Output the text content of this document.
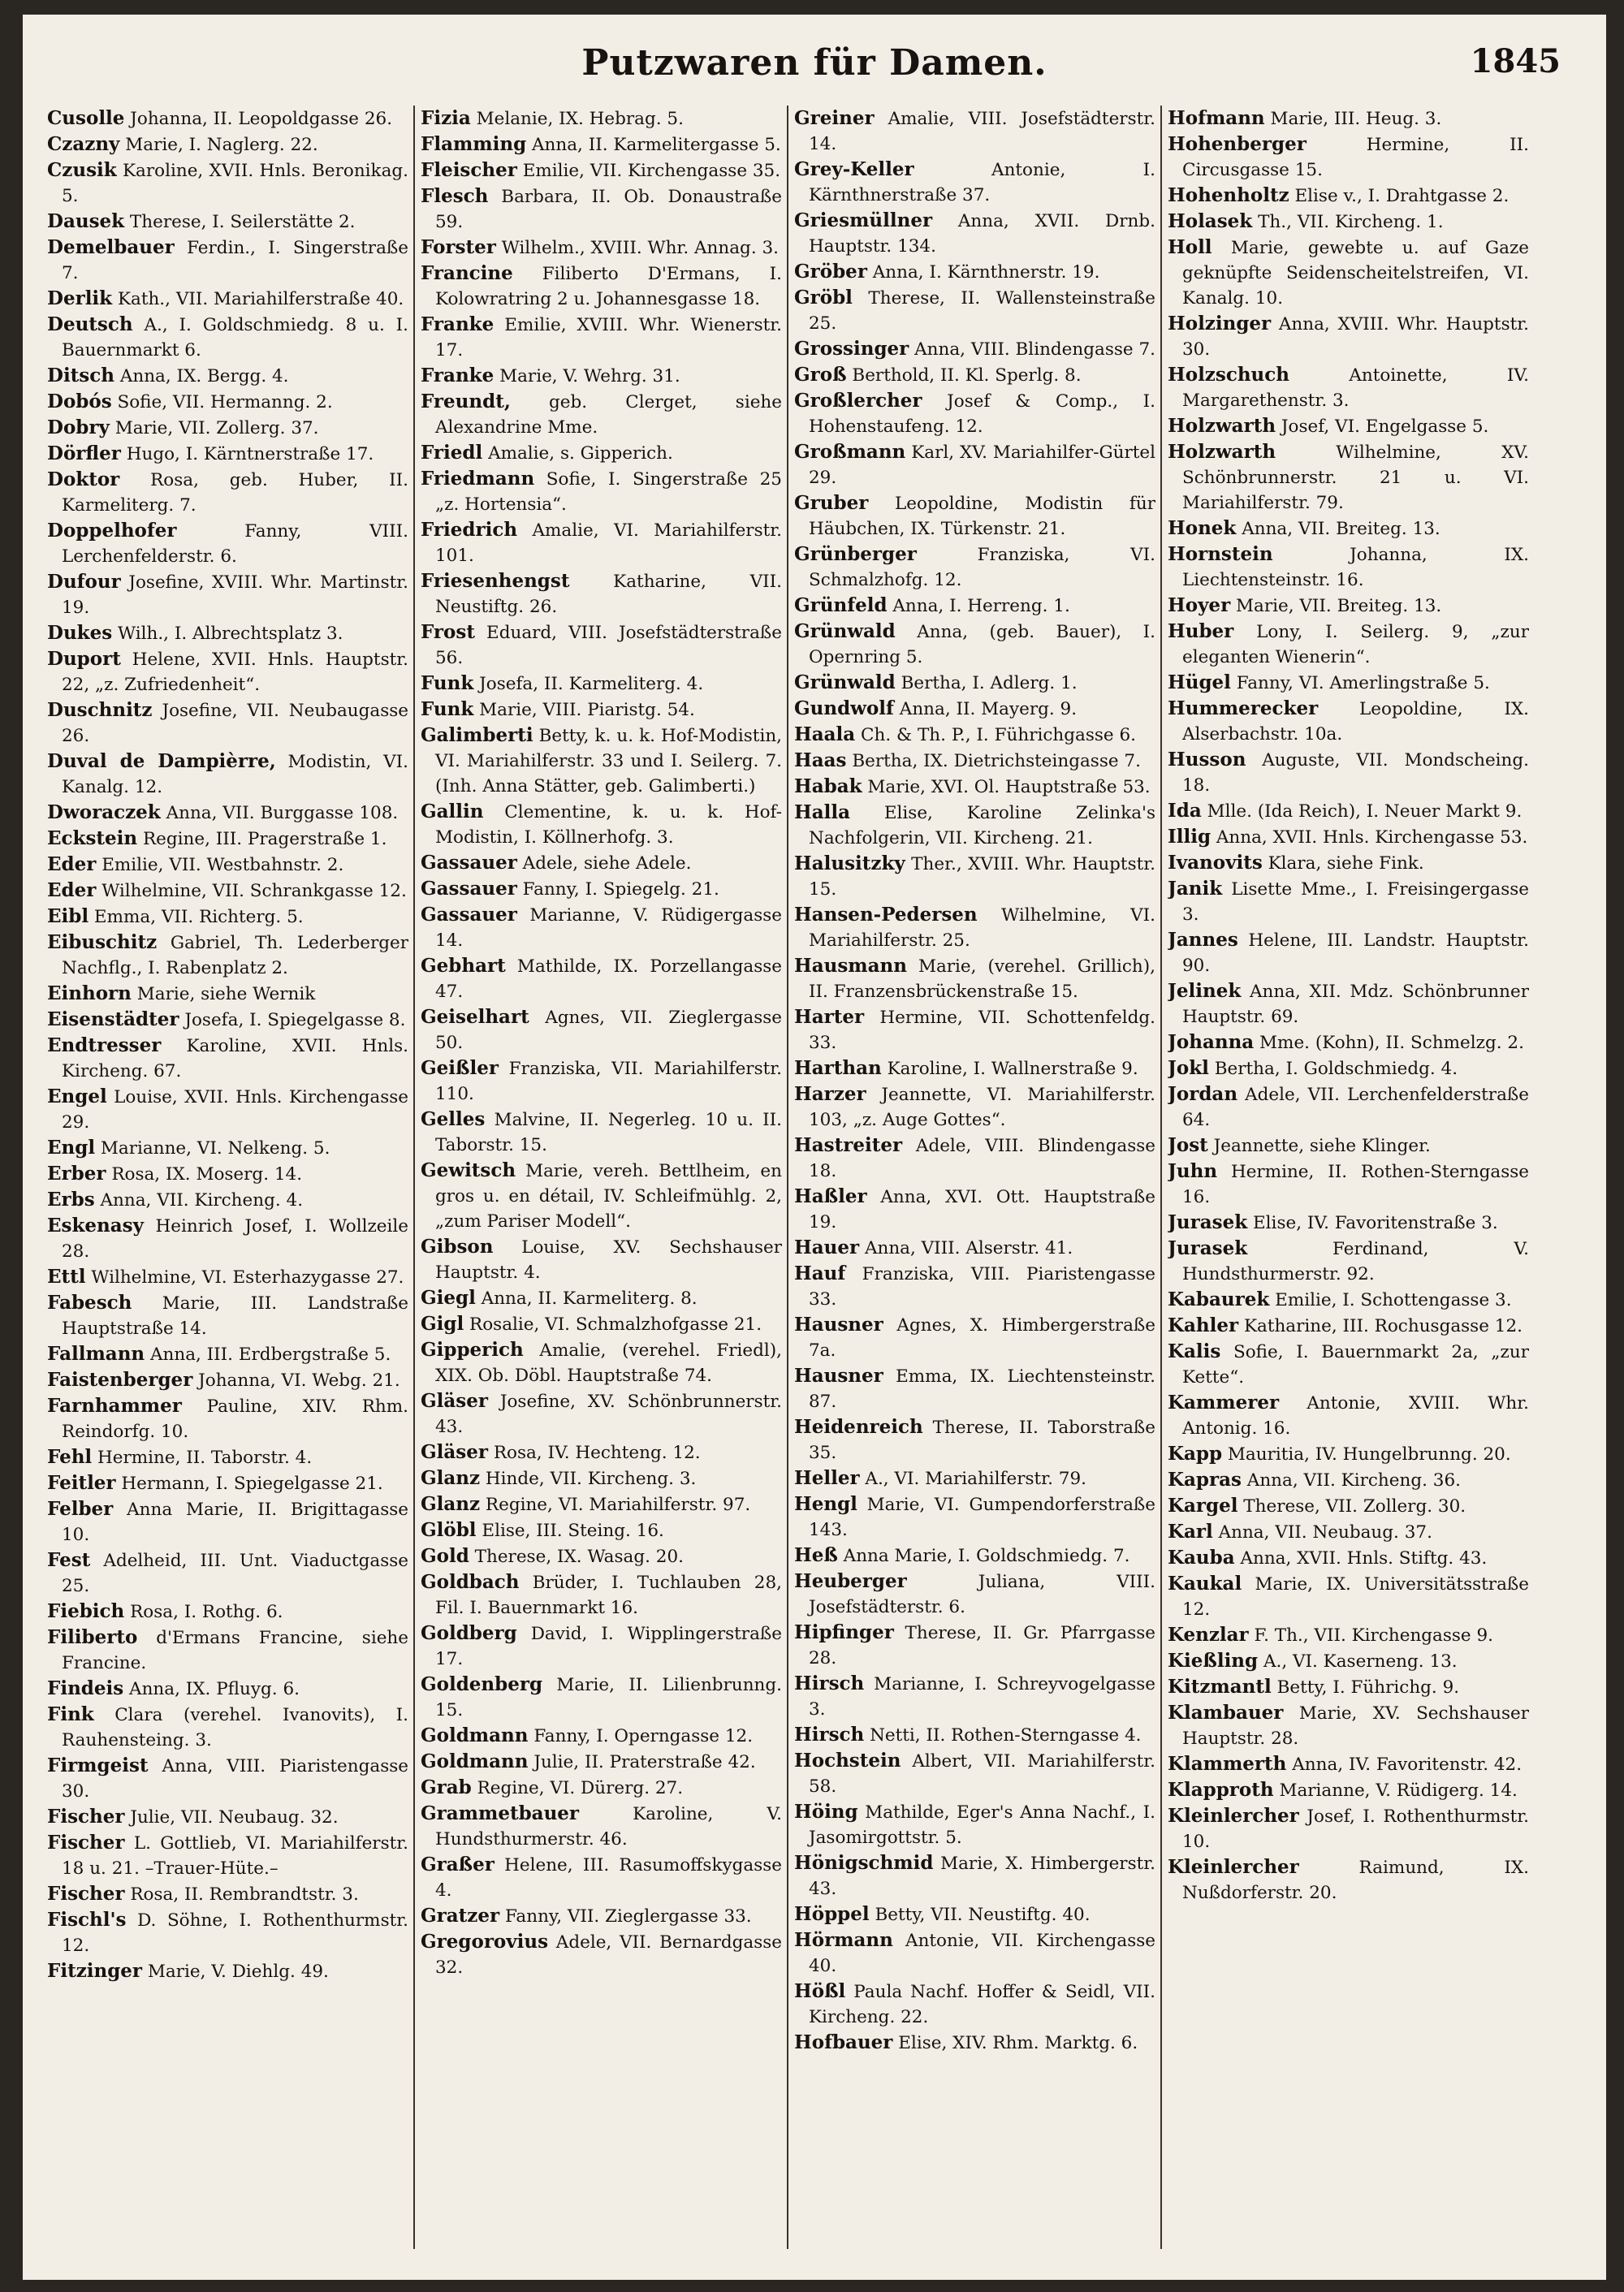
Putzwaren für Damen.	1845

Cusolle Johanna, II. Leopoldgasse 26.

Czazny Marie, I. Naglerg. 22.

Czusik Karoline, XVII. Hnls. Beronikag. 5.

Dausek Therese, I. Seilerstätte 2.

Demelbauer Ferdin., I. Singerstraße 7.

Derlik Kath., VII. Mariahilferstraße 40.

Deutsch A., I. Goldschmiedg. 8 u. I. Bauernmarkt 6.

Ditsch Anna, IX. Bergg. 4.

Dobós Sofie, VII. Hermanng. 2.

Dobry Marie, VII. Zollerg. 37.

Dörfler Hugo, I. Kärntnerstraße 17.

Doktor Rosa, geb. Huber, II. Karmeliterg. 7.

Doppelhofer Fanny, VIII. Lerchenfelderstr. 6.

Dufour Josefine, XVIII. Whr. Martinstr. 19.

Dukes Wilh., I. Albrechtsplatz 3.

Duport Helene, XVII. Hnls. Hauptstr. 22, „z. Zufriedenheit“.

Duschnitz Josefine, VII. Neubaugasse 26.

Duval de Dampièrre, Modistin, VI. Kanalg. 12.

Dworaczek Anna, VII. Burggasse 108.

Eckstein Regine, III. Pragerstraße 1.

Eder Emilie, VII. Westbahnstr. 2.

Eder Wilhelmine, VII. Schrankgasse 12.

Eibl Emma, VII. Richterg. 5.

Eibuschitz Gabriel, Th. Lederberger Nachflg., I. Rabenplatz 2.

Einhorn Marie, siehe Wernik

Eisenstädter Josefa, I. Spiegelgasse 8.

Endtresser Karoline, XVII. Hnls. Kircheng. 67.

Engel Louise, XVII. Hnls. Kirchengasse 29.

Engl Marianne, VI. Nelkeng. 5.

Erber Rosa, IX. Moserg. 14.

Erbs Anna, VII. Kircheng. 4.

Eskenasy Heinrich Josef, I. Wollzeile 28.

Ettl Wilhelmine, VI. Esterhazygasse 27.

Fabesch Marie, III. Landstraße Hauptstraße 14.

Fallmann Anna, III. Erdbergstraße 5.

Faistenberger Johanna, VI. Webg. 21.

Farnhammer Pauline, XIV. Rhm. Reindorfg. 10.

Fehl Hermine, II. Taborstr. 4.

Feitler Hermann, I. Spiegelgasse 21.

Felber Anna Marie, II. Brigittagasse 10.

Fest Adelheid, III. Unt. Viaductgasse 25.

Fiebich Rosa, I. Rothg. 6.

Filiberto d'Ermans Francine, siehe Francine.

Findeis Anna, IX. Pfluyg. 6.

Fink Clara (verehel. Ivanovits), I. Rauhensteing. 3.

Firmgeist Anna, VIII. Piaristengasse 30.

Fischer Julie, VII. Neubaug. 32.

Fischer L. Gottlieb, VI. Mariahilferstr. 18 u. 21. –Trauer-Hüte.–

Fischer Rosa, II. Rembrandtstr. 3.

Fischl's D. Söhne, I. Rothenthurmstr. 12.

Fitzinger Marie, V. Diehlg. 49.

Fizia Melanie, IX. Hebrag. 5.

Flamming Anna, II. Karmelitergasse 5.

Fleischer Emilie, VII. Kirchengasse 35.

Flesch Barbara, II. Ob. Donaustraße 59.

Forster Wilhelm., XVIII. Whr. Annag. 3.

Francine Filiberto D'Ermans, I. Kolowratring 2 u. Johannesgasse 18.

Franke Emilie, XVIII. Whr. Wienerstr. 17.

Franke Marie, V. Wehrg. 31.

Freundt, geb. Clerget, siehe Alexandrine Mme.

Friedl Amalie, s. Gipperich.

Friedmann Sofie, I. Singerstraße 25 „z. Hortensia“.

Friedrich Amalie, VI. Mariahilferstr. 101.

Friesenhengst Katharine, VII. Neustiftg. 26.

Frost Eduard, VIII. Josefstädterstraße 56.

Funk Josefa, II. Karmeliterg. 4.

Funk Marie, VIII. Piaristg. 54.

Galimberti Betty, k. u. k. Hof-Modistin, VI. Mariahilferstr. 33 und I. Seilerg. 7. (Inh. Anna Stätter, geb. Galimberti.)

Gallin Clementine, k. u. k. Hof-Modistin, I. Köllnerhofg. 3.

Gassauer Adele, siehe Adele.

Gassauer Fanny, I. Spiegelg. 21.

Gassauer Marianne, V. Rüdigergasse 14.

Gebhart Mathilde, IX. Porzellangasse 47.

Geiselhart Agnes, VII. Zieglergasse 50.

Geißler Franziska, VII. Mariahilferstr. 110.

Gelles Malvine, II. Negerleg. 10 u. II. Taborstr. 15.

Gewitsch Marie, vereh. Bettlheim, en gros u. en détail, IV. Schleifmühlg. 2, „zum Pariser Modell“.

Gibson Louise, XV. Sechshauser Hauptstr. 4.

Giegl Anna, II. Karmeliterg. 8.

Gigl Rosalie, VI. Schmalzhofgasse 21.

Gipperich Amalie, (verehel. Friedl), XIX. Ob. Döbl. Hauptstraße 74.

Gläser Josefine, XV. Schönbrunnerstr. 43.

Gläser Rosa, IV. Hechteng. 12.

Glanz Hinde, VII. Kircheng. 3.

Glanz Regine, VI. Mariahilferstr. 97.

Glöbl Elise, III. Steing. 16.

Gold Therese, IX. Wasag. 20.

Goldbach Brüder, I. Tuchlauben 28, Fil. I. Bauernmarkt 16.

Goldberg David, I. Wipplingerstraße 17.

Goldenberg Marie, II. Lilienbrunng. 15.

Goldmann Fanny, I. Operngasse 12.

Goldmann Julie, II. Praterstraße 42.

Grab Regine, VI. Dürerg. 27.

Grammetbauer Karoline, V. Hundsthurmerstr. 46.

Graßer Helene, III. Rasumoffskygasse 4.

Gratzer Fanny, VII. Zieglergasse 33.

Gregorovius Adele, VII. Bernardgasse 32.

Greiner Amalie, VIII. Josefstädterstr. 14.

Grey-Keller Antonie, I. Kärnthnerstraße 37.

Griesmüllner Anna, XVII. Drnb. Hauptstr. 134.

Gröber Anna, I. Kärnthnerstr. 19.

Gröbl Therese, II. Wallensteinstraße 25.

Grossinger Anna, VIII. Blindengasse 7.

Groß Berthold, II. Kl. Sperlg. 8.

Großlercher Josef & Comp., I. Hohenstaufeng. 12.

Großmann Karl, XV. Mariahilfer-Gürtel 29.

Gruber Leopoldine, Modistin für Häubchen, IX. Türkenstr. 21.

Grünberger Franziska, VI. Schmalzhofg. 12.

Grünfeld Anna, I. Herreng. 1.

Grünwald Anna, (geb. Bauer), I. Opernring 5.

Grünwald Bertha, I. Adlerg. 1.

Gundwolf Anna, II. Mayerg. 9.

Haala Ch. & Th. P., I. Führichgasse 6.

Haas Bertha, IX. Dietrichsteingasse 7.

Habak Marie, XVI. Ol. Hauptstraße 53.

Halla Elise, Karoline Zelinka's Nachfolgerin, VII. Kircheng. 21.

Halusitzky Ther., XVIII. Whr. Hauptstr. 15.

Hansen-Pedersen Wilhelmine, VI. Mariahilferstr. 25.

Hausmann Marie, (verehel. Grillich), II. Franzensbrückenstraße 15.

Harter Hermine, VII. Schottenfeldg. 33.

Harthan Karoline, I. Wallnerstraße 9.

Harzer Jeannette, VI. Mariahilferstr. 103, „z. Auge Gottes“.

Hastreiter Adele, VIII. Blindengasse 18.

Haßler Anna, XVI. Ott. Hauptstraße 19.

Hauer Anna, VIII. Alserstr. 41.

Hauf Franziska, VIII. Piaristengasse 33.

Hausner Agnes, X. Himbergerstraße 7a.

Hausner Emma, IX. Liechtensteinstr. 87.

Heidenreich Therese, II. Taborstraße 35.

Heller A., VI. Mariahilferstr. 79.

Hengl Marie, VI. Gumpendorferstraße 143.

Heß Anna Marie, I. Goldschmiedg. 7.

Heuberger Juliana, VIII. Josefstädterstr. 6.

Hipfinger Therese, II. Gr. Pfarrgasse 28.

Hirsch Marianne, I. Schreyvogelgasse 3.

Hirsch Netti, II. Rothen-Sterngasse 4.

Hochstein Albert, VII. Mariahilferstr. 58.

Höing Mathilde, Eger's Anna Nachf., I. Jasomirgottstr. 5.

Hönigschmid Marie, X. Himbergerstr. 43.

Höppel Betty, VII. Neustiftg. 40.

Hörmann Antonie, VII. Kirchengasse 40.

Hößl Paula Nachf. Hoffer & Seidl, VII. Kircheng. 22.

Hofbauer Elise, XIV. Rhm. Marktg. 6.

Hofmann Marie, III. Heug. 3.

Hohenberger Hermine, II. Circusgasse 15.

Hohenholtz Elise v., I. Drahtgasse 2.

Holasek Th., VII. Kircheng. 1.

Holl Marie, gewebte u. auf Gaze geknüpfte Seidenscheitelstreifen, VI. Kanalg. 10.

Holzinger Anna, XVIII. Whr. Hauptstr. 30.

Holzschuch Antoinette, IV. Margarethenstr. 3.

Holzwarth Josef, VI. Engelgasse 5.

Holzwarth Wilhelmine, XV. Schönbrunnerstr. 21 u. VI. Mariahilferstr. 79.

Honek Anna, VII. Breiteg. 13.

Hornstein Johanna, IX. Liechtensteinstr. 16.

Hoyer Marie, VII. Breiteg. 13.

Huber Lony, I. Seilerg. 9, „zur eleganten Wienerin“.

Hügel Fanny, VI. Amerlingstraße 5.

Hummerecker Leopoldine, IX. Alserbachstr. 10a.

Husson Auguste, VII. Mondscheing. 18.

Ida Mlle. (Ida Reich), I. Neuer Markt 9.

Illig Anna, XVII. Hnls. Kirchengasse 53.

Ivanovits Klara, siehe Fink.

Janik Lisette Mme., I. Freisingergasse 3.

Jannes Helene, III. Landstr. Hauptstr. 90.

Jelinek Anna, XII. Mdz. Schönbrunner Hauptstr. 69.

Johanna Mme. (Kohn), II. Schmelzg. 2.

Jokl Bertha, I. Goldschmiedg. 4.

Jordan Adele, VII. Lerchenfelderstraße 64.

Jost Jeannette, siehe Klinger.

Juhn Hermine, II. Rothen-Sterngasse 16.

Jurasek Elise, IV. Favoritenstraße 3.

Jurasek Ferdinand, V. Hundsthurmerstr. 92.

Kabaurek Emilie, I. Schottengasse 3.

Kahler Katharine, III. Rochusgasse 12.

Kalis Sofie, I. Bauernmarkt 2a, „zur Kette“.

Kammerer Antonie, XVIII. Whr. Antonig. 16.

Kapp Mauritia, IV. Hungelbrunng. 20.

Kapras Anna, VII. Kircheng. 36.

Kargel Therese, VII. Zollerg. 30.

Karl Anna, VII. Neubaug. 37.

Kauba Anna, XVII. Hnls. Stiftg. 43.

Kaukal Marie, IX. Universitätsstraße 12.

Kenzlar F. Th., VII. Kirchengasse 9.

Kießling A., VI. Kaserneng. 13.

Kitzmantl Betty, I. Führichg. 9.

Klambauer Marie, XV. Sechshauser Hauptstr. 28.

Klammerth Anna, IV. Favoritenstr. 42.

Klapproth Marianne, V. Rüdigerg. 14.

Kleinlercher Josef, I. Rothenthurmstr. 10.

Kleinlercher Raimund, IX. Nußdorferstr. 20.
